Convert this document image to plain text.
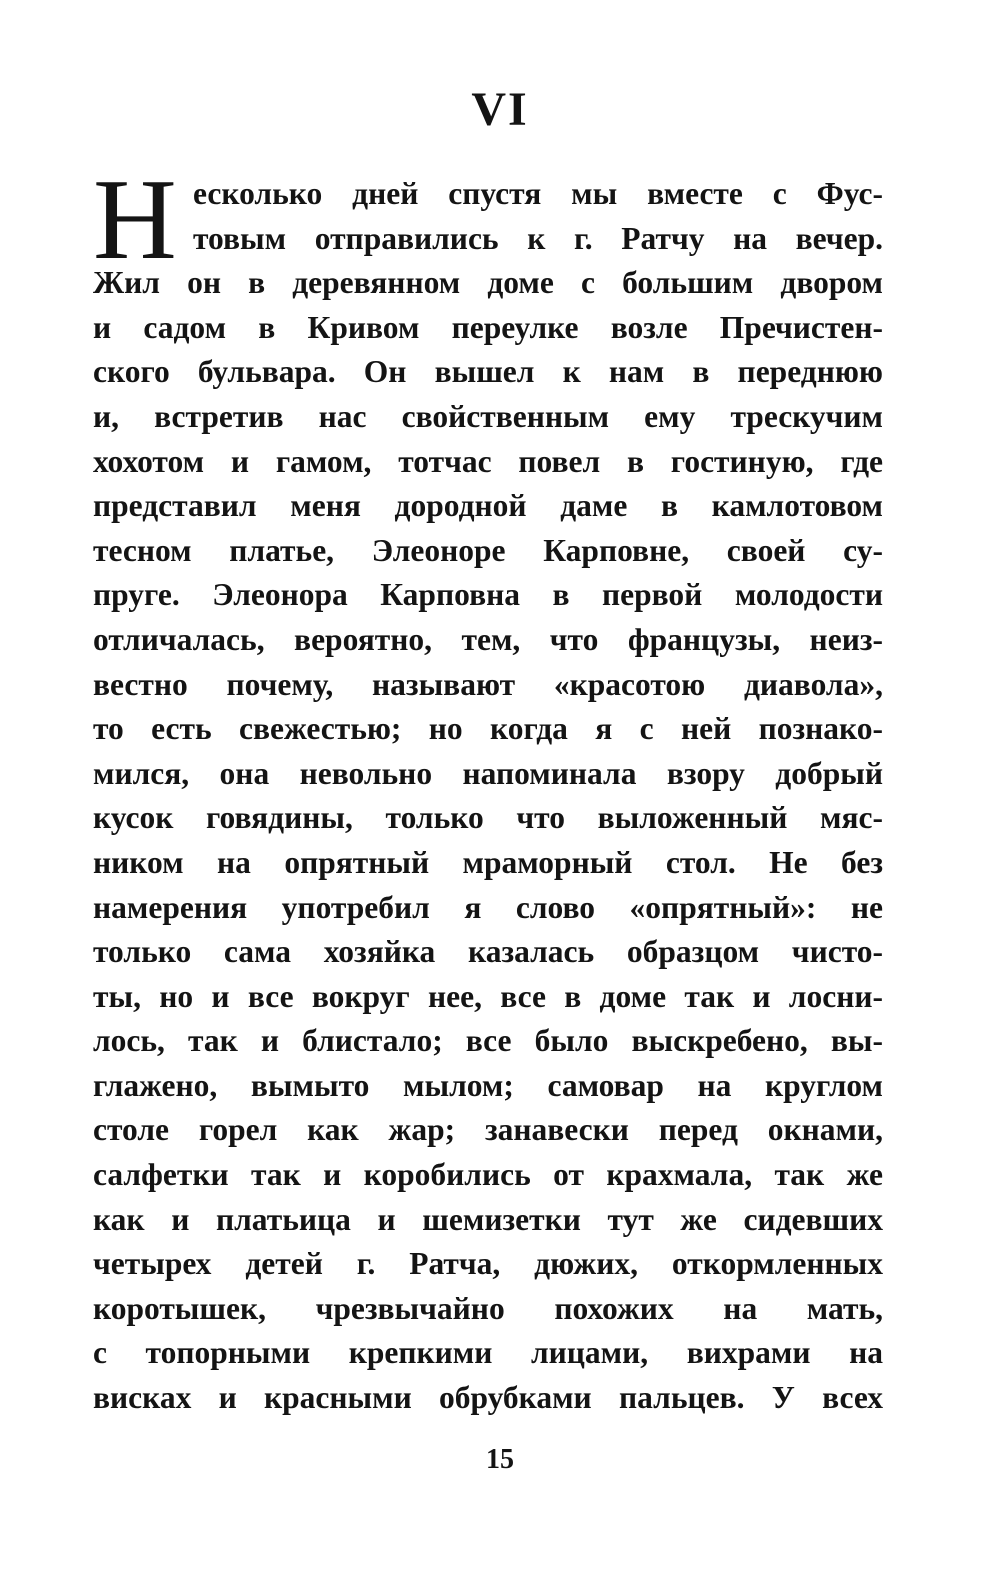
VI
Н есколько дней спустя мы вместе с Фус-
товым отправились к г. Ратчу на вечер.
Жил он в деревянном доме с большим двором
и садом в Кривом переулке возле Пречистен-
ского бульвара. Он вышел к нам в переднюю
и, встретив нас свойственным ему трескучим
хохотом и гамом, тотчас повел в гостиную, где
представил меня дородной даме в камлотовом
тесном платье, Элеоноре Карповне, своей су-
пруге. Элеонора Карповна в первой молодости
отличалась, вероятно, тем, что французы, неиз-
вестно почему, называют «красотою диавола»,
то есть свежестью; но когда я с ней познако-
мился, она невольно напоминала взору добрый
кусок говядины, только что выложенный мяс-
ником на опрятный мраморный стол. Не без
намерения употребил я слово «опрятный»: не
только сама хозяйка казалась образцом чисто-
ты, но и все вокруг нее, все в доме так и лосни-
лось, так и блистало; все было выскребено, вы-
глажено, вымыто мылом; самовар на круглом
столе горел как жар; занавески перед окнами,
салфетки так и коробились от крахмала, так же
как и платьица и шемизетки тут же сидевших
четырех детей г. Ратча, дюжих, откормленных
коротышек, чрезвычайно похожих на мать,
с топорными крепкими лицами, вихрами на
висках и красными обрубками пальцев. У всех
15
